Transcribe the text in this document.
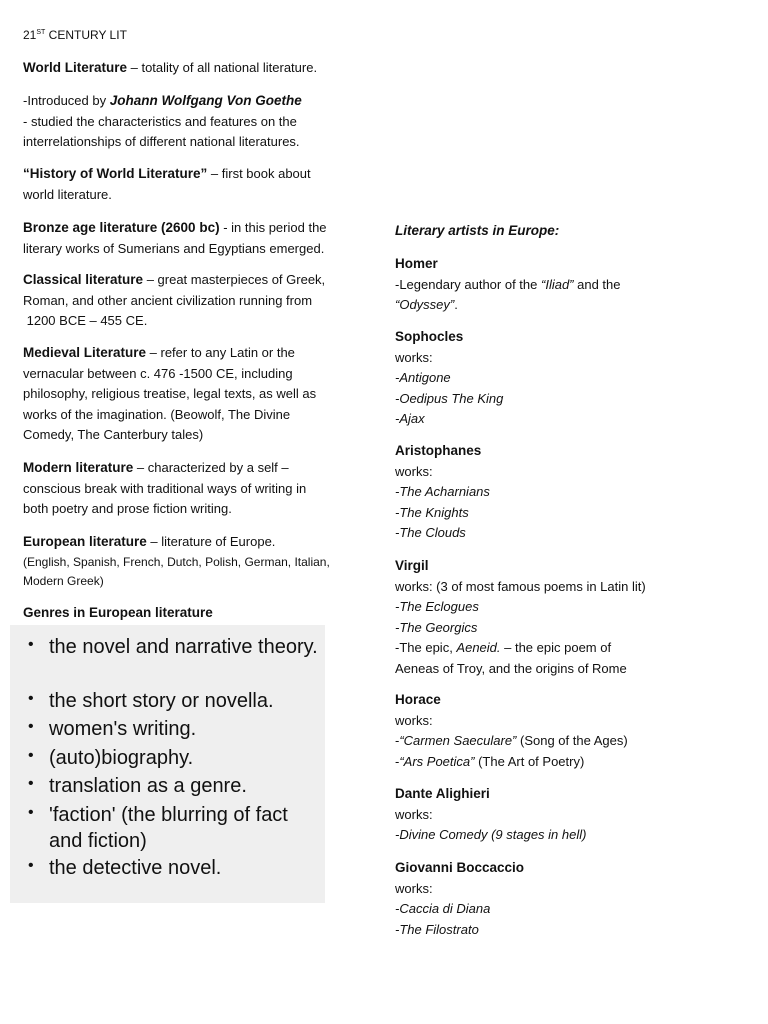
21ST CENTURY LIT
World Literature – totality of all national literature.
-Introduced by Johann Wolfgang Von Goethe
- studied the characteristics and features on the
interrelationships of different national literatures.
“History of World Literature” – first book about
world literature.
Bronze age literature (2600 bc) - in this period the
literary works of Sumerians and Egyptians emerged.
Classical literature – great masterpieces of Greek,
Roman, and other ancient civilization running from
1200 BCE – 455 CE.
Medieval Literature – refer to any Latin or the
vernacular between c. 476 -1500 CE, including
philosophy, religious treatise, legal texts, as well as
works of the imagination. (Beowolf, The Divine
Comedy, The Canterbury tales)
Modern literature – characterized by a self –
conscious break with traditional ways of writing in
both poetry and prose fiction writing.
European literature – literature of Europe.
(English, Spanish, French, Dutch, Polish, German, Italian,
Modern Greek)
Genres in European literature
• the novel and narrative theory.
• the short story or novella.
• women's writing.
• (auto)biography.
• translation as a genre.
• 'faction' (the blurring of fact and fiction)
• the detective novel.
Literary artists in Europe:
Homer
-Legendary author of the “Iliad” and the
“Odyssey”.
Sophocles
works:
-Antigone
-Oedipus The King
-Ajax
Aristophanes
works:
-The Acharnians
-The Knights
-The Clouds
Virgil
works: (3 of most famous poems in Latin lit)
-The Eclogues
-The Georgics
-The epic, Aeneid. – the epic poem of
Aeneas of Troy, and the origins of Rome
Horace
works:
-“Carmen Saeculare” (Song of the Ages)
-“Ars Poetica” (The Art of Poetry)
Dante Alighieri
works:
-Divine Comedy (9 stages in hell)
Giovanni Boccaccio
works:
-Caccia di Diana
-The Filostrato
